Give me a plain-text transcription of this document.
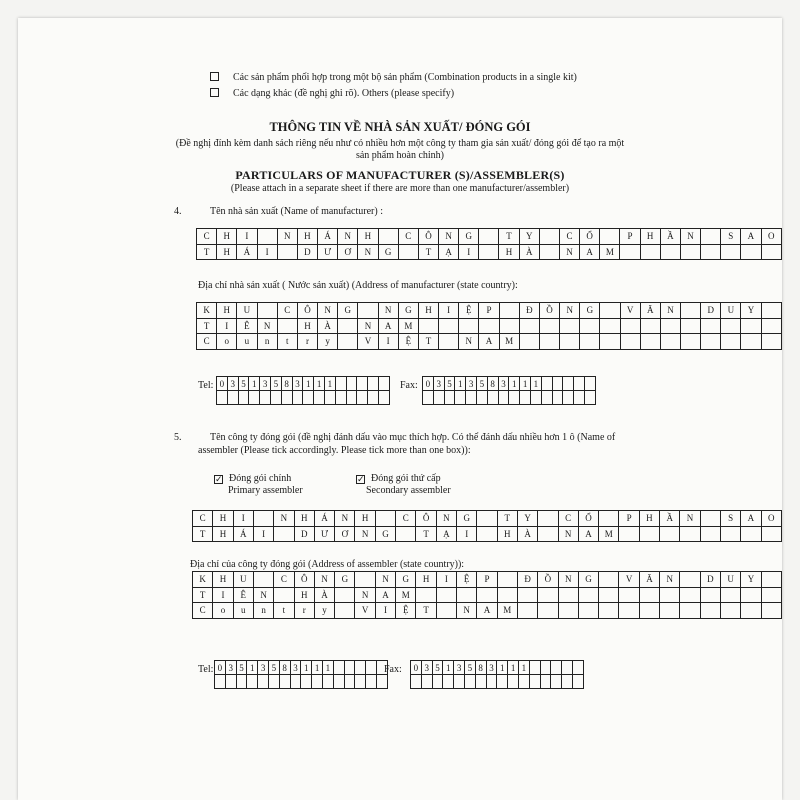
Các sản phẩm phối hợp trong một bộ sản phẩm (Combination products in a single kit)
Các dạng khác (đề nghị ghi rõ). Others (please specify)
THÔNG TIN VỀ NHÀ SẢN XUẤT/ ĐÓNG GÓI
(Đề nghị đính kèm danh sách riêng nếu như có nhiều hơn một công ty tham gia sản xuất/ đóng gói để tạo ra một
sản phẩm hoàn chỉnh)
PARTICULARS OF MANUFACTURER (S)/ASSEMBLER(S)
(Please attach in a separate sheet if there are more than one manufacturer/assembler)
4.	Tên nhà sản xuất (Name of manufacturer) :
C	H	I		N	H	Á	N	H		C	Ô	N	G		T	Y		C	Ổ		P	H	Ầ	N		S	A	O
T	H	Á	I		D	Ư	Ơ	N	G		T	Ạ	I		H	À		N	A	M								
Địa chỉ nhà sản xuất ( Nước sản xuất) (Address of manufacturer (state country):
K	H	U		C	Ô	N	G		N	G	H	I	Ệ	P		Đ	Ồ	N	G		V	Ă	N		D	U	Y	
T	I	Ê	N		H	À		N	A	M																		
C	o	u	n	t	r	y		V	I	Ệ	T		N	A	M													
Tel: 0	3	5	1	3	5	8	3	1	1	1					
																Fax: 0	3	5	1	3	5	8	3	1	1	1					

5.	Tên công ty đóng gói (đề nghị đánh dấu vào mục thích hợp. Có thể đánh dấu nhiều hơn 1 ô (Name of
assembler (Please tick accordingly. Please tick more than one box)):
✓ Đóng gói chính
Primary assembler
✓ Đóng gói thứ cấp
Secondary assembler
C	H	I		N	H	Á	N	H		C	Ô	N	G		T	Y		C	Ổ		P	H	Ầ	N		S	A	O
T	H	Á	I		D	Ư	Ơ	N	G		T	Ạ	I		H	À		N	A	M								
Địa chỉ của công ty đóng gói (Address of assembler (state country)):
K	H	U		C	Ô	N	G		N	G	H	I	Ệ	P		Đ	Ồ	N	G		V	Ă	N		D	U	Y	
T	I	Ê	N		H	À		N	A	M																		
C	o	u	n	t	r	y		V	I	Ệ	T		N	A	M													
Tel: 0	3	5	1	3	5	8	3	1	1	1					
																Fax: 0	3	5	1	3	5	8	3	1	1	1					
